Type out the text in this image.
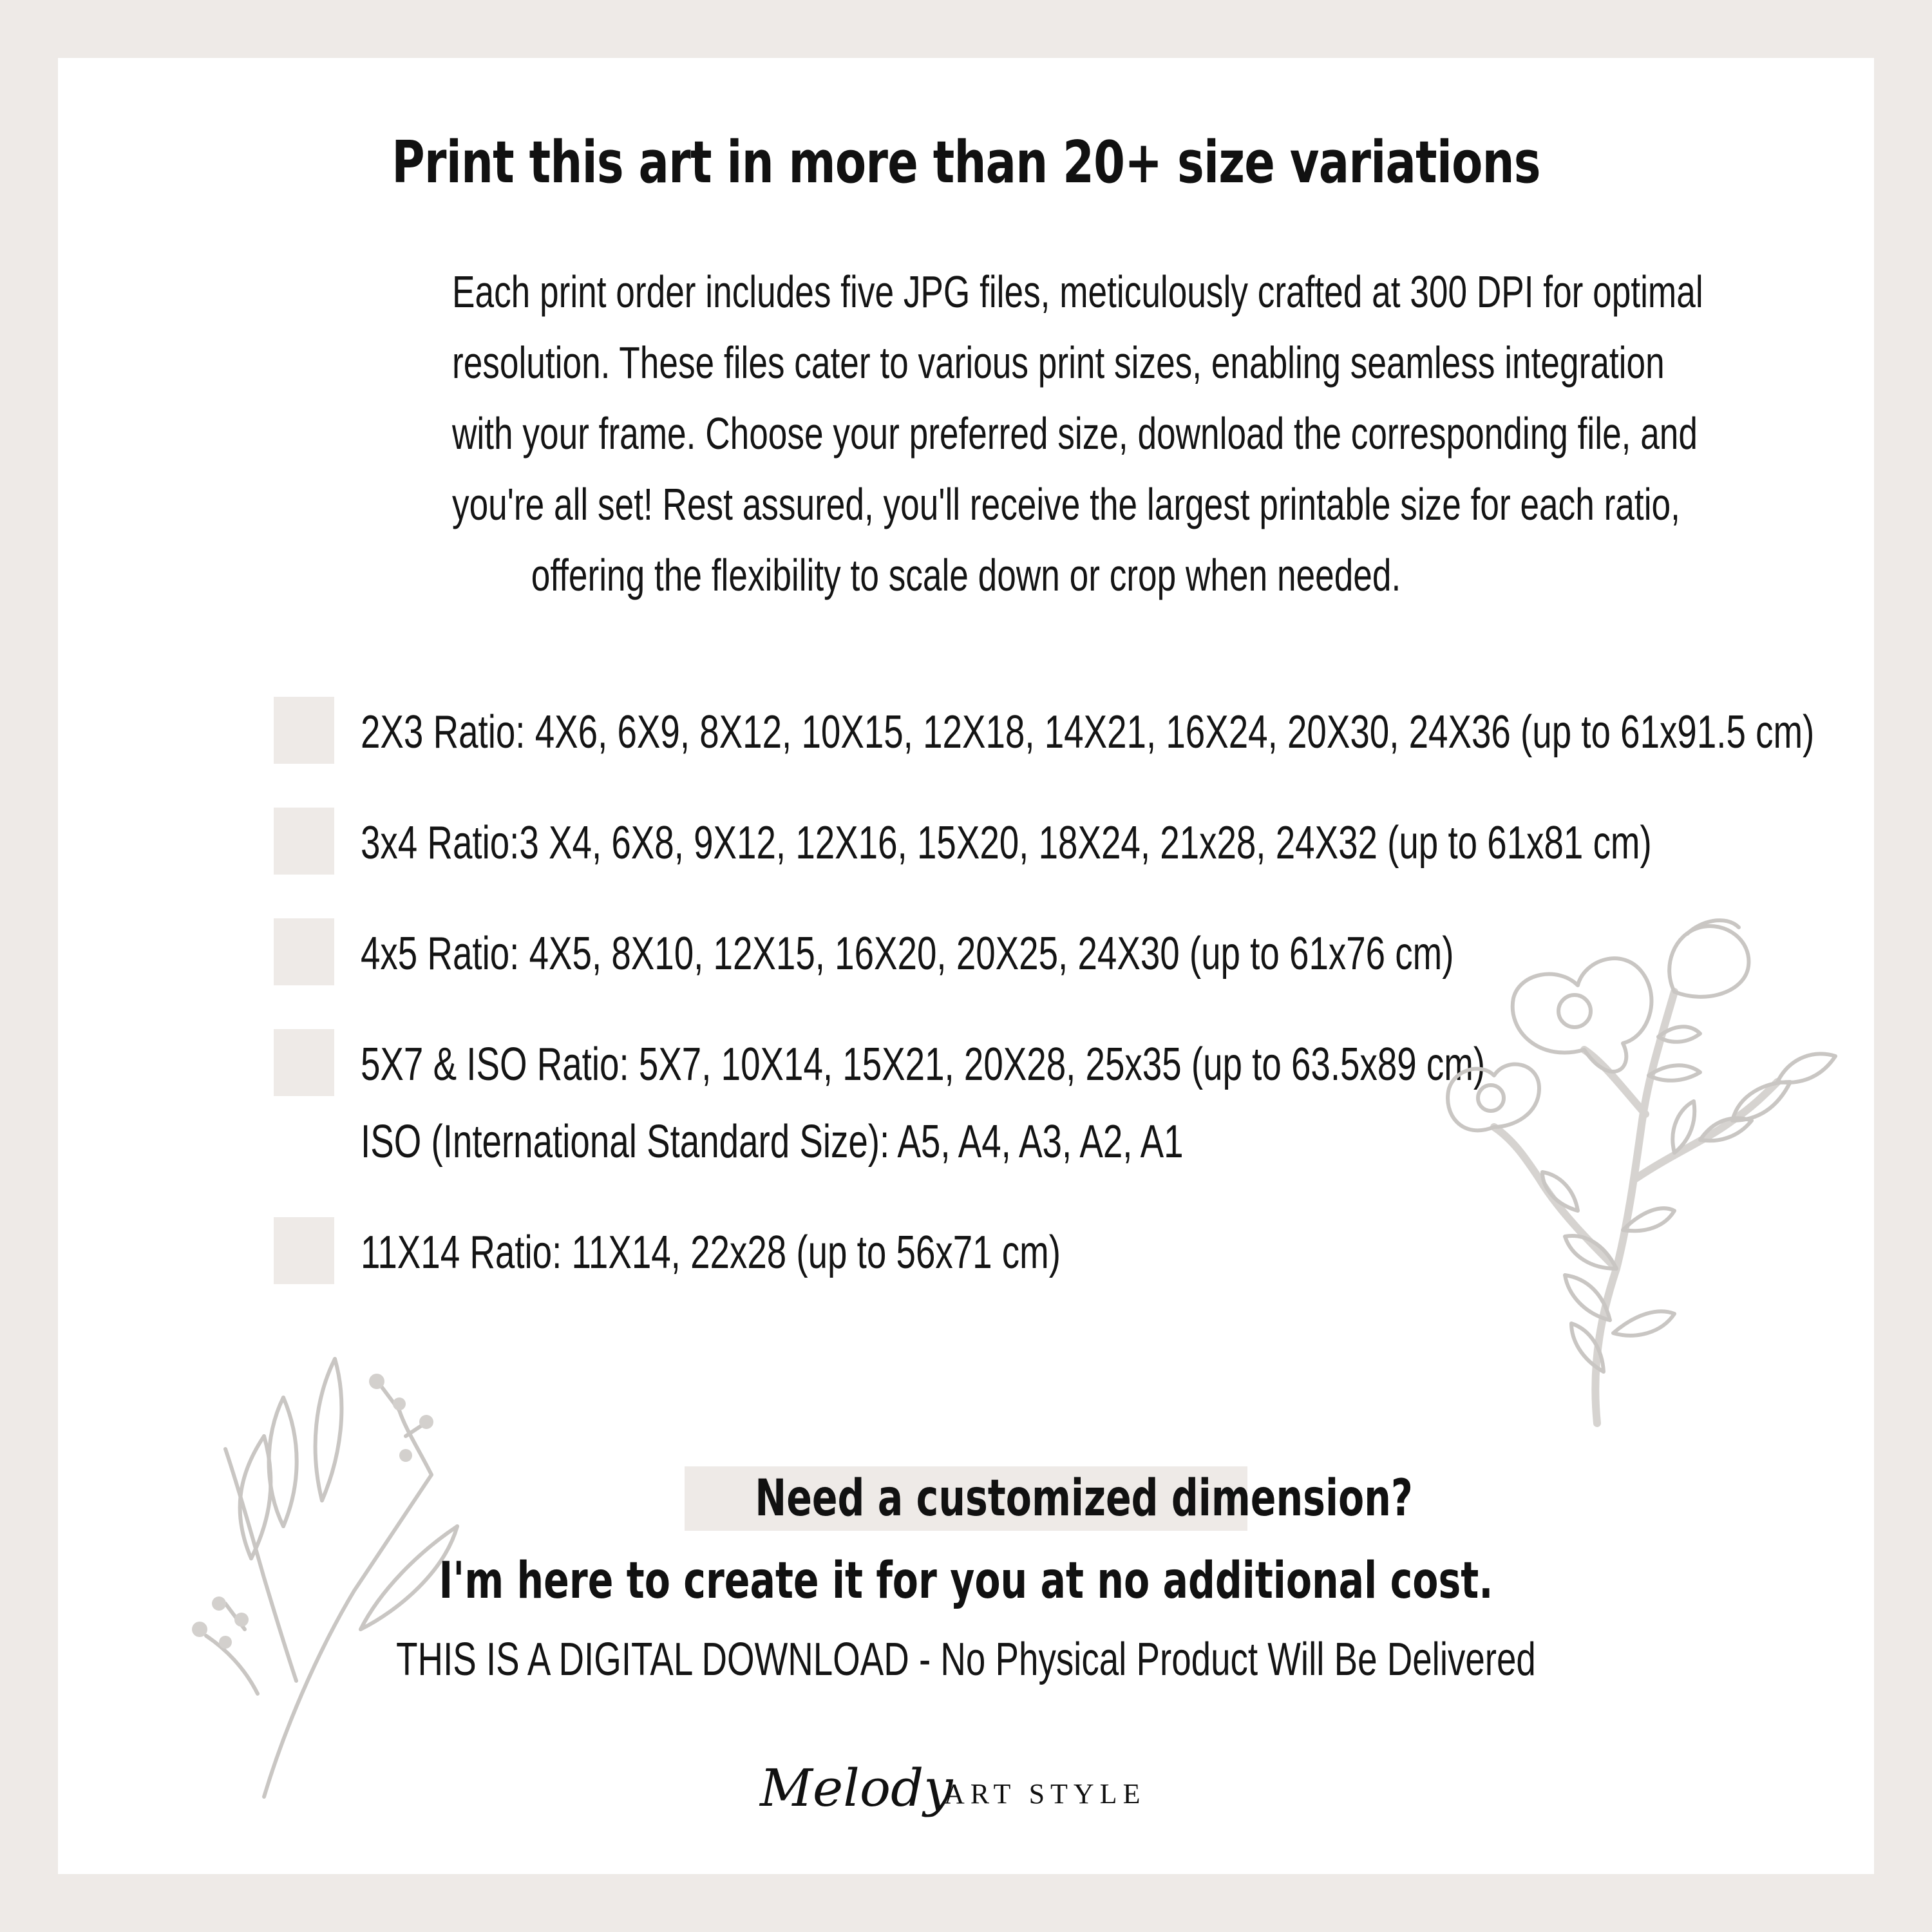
Print this art in more than 20+ size variations
Each print order includes five JPG files, meticulously crafted at 300 DPI for optimal
resolution. These files cater to various print sizes, enabling seamless integration
with your frame. Choose your preferred size, download the corresponding file, and
you're all set! Rest assured, you'll receive the largest printable size for each ratio,
offering the flexibility to scale down or crop when needed.
2X3 Ratio: 4X6, 6X9, 8X12, 10X15, 12X18, 14X21, 16X24, 20X30, 24X36 (up to 61x91.5 cm)
3x4 Ratio:3 X4, 6X8, 9X12, 12X16, 15X20, 18X24, 21x28, 24X32 (up to 61x81 cm)
4x5 Ratio: 4X5, 8X10, 12X15, 16X20, 20X25, 24X30 (up to 61x76 cm)
5X7 & ISO Ratio: 5X7, 10X14, 15X21, 20X28, 25x35 (up to 63.5x89 cm)
ISO (International Standard Size): A5, A4, A3, A2, A1
11X14 Ratio: 11X14, 22x28 (up to 56x71 cm)
Need a customized dimension?
I'm here to create it for you at no additional cost.
THIS IS A DIGITAL DOWNLOAD - No Physical Product Will Be Delivered
Melody
ART STYLE
